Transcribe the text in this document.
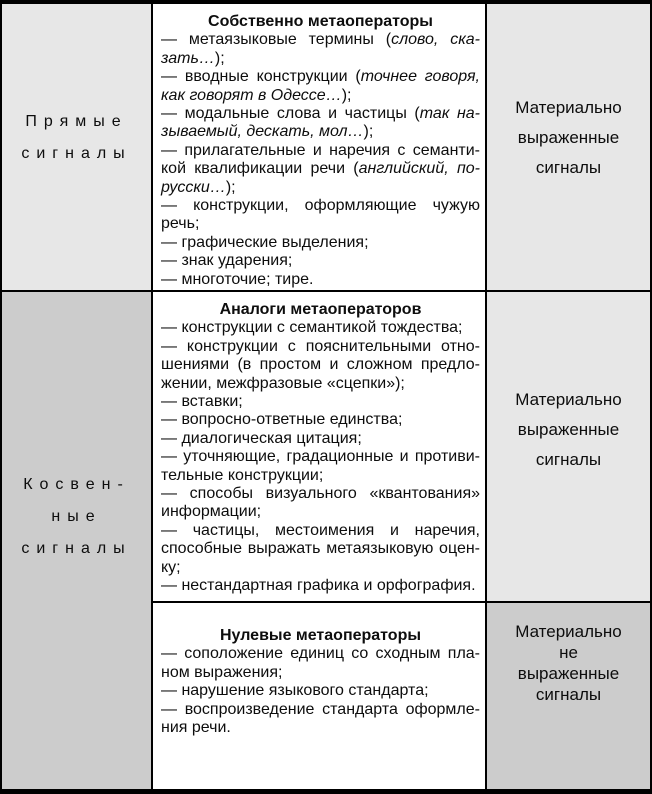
Прямые
сигналы
Собственно метаоператоры
— метаязыковые термины (слово, сказать…);
— вводные конструкции (точнее говоря, как говорят в Одессе…);
— модальные слова и частицы (так называемый, дескать, мол…);
— прилагательные и наречия с семантикой квалификации речи (английский, по-русски…);
— конструкции, оформляющие чужую речь;
— графические выделения;
— знак ударения;
— многоточие; тире.
Материально
выраженные
сигналы
Косвен-
ные
сигналы
Аналоги метаоператоров
— конструкции с семантикой тождества;
— конструкции с пояснительными отношениями (в простом и сложном предложении, межфразовые «сцепки»);
— вставки;
— вопросно-ответные единства;
— диалогическая цитация;
— уточняющие, градационные и противительные конструкции;
— способы визуального «квантования» информации;
— частицы, местоимения и наречия, способные выражать метаязыковую оценку;
— нестандартная графика и орфография.
Материально
выраженные
сигналы
Нулевые метаоператоры
— соположение единиц со сходным планом выражения;
— нарушение языкового стандарта;
— воспроизведение стандарта оформления речи.
Материально
не
выраженные
сигналы
